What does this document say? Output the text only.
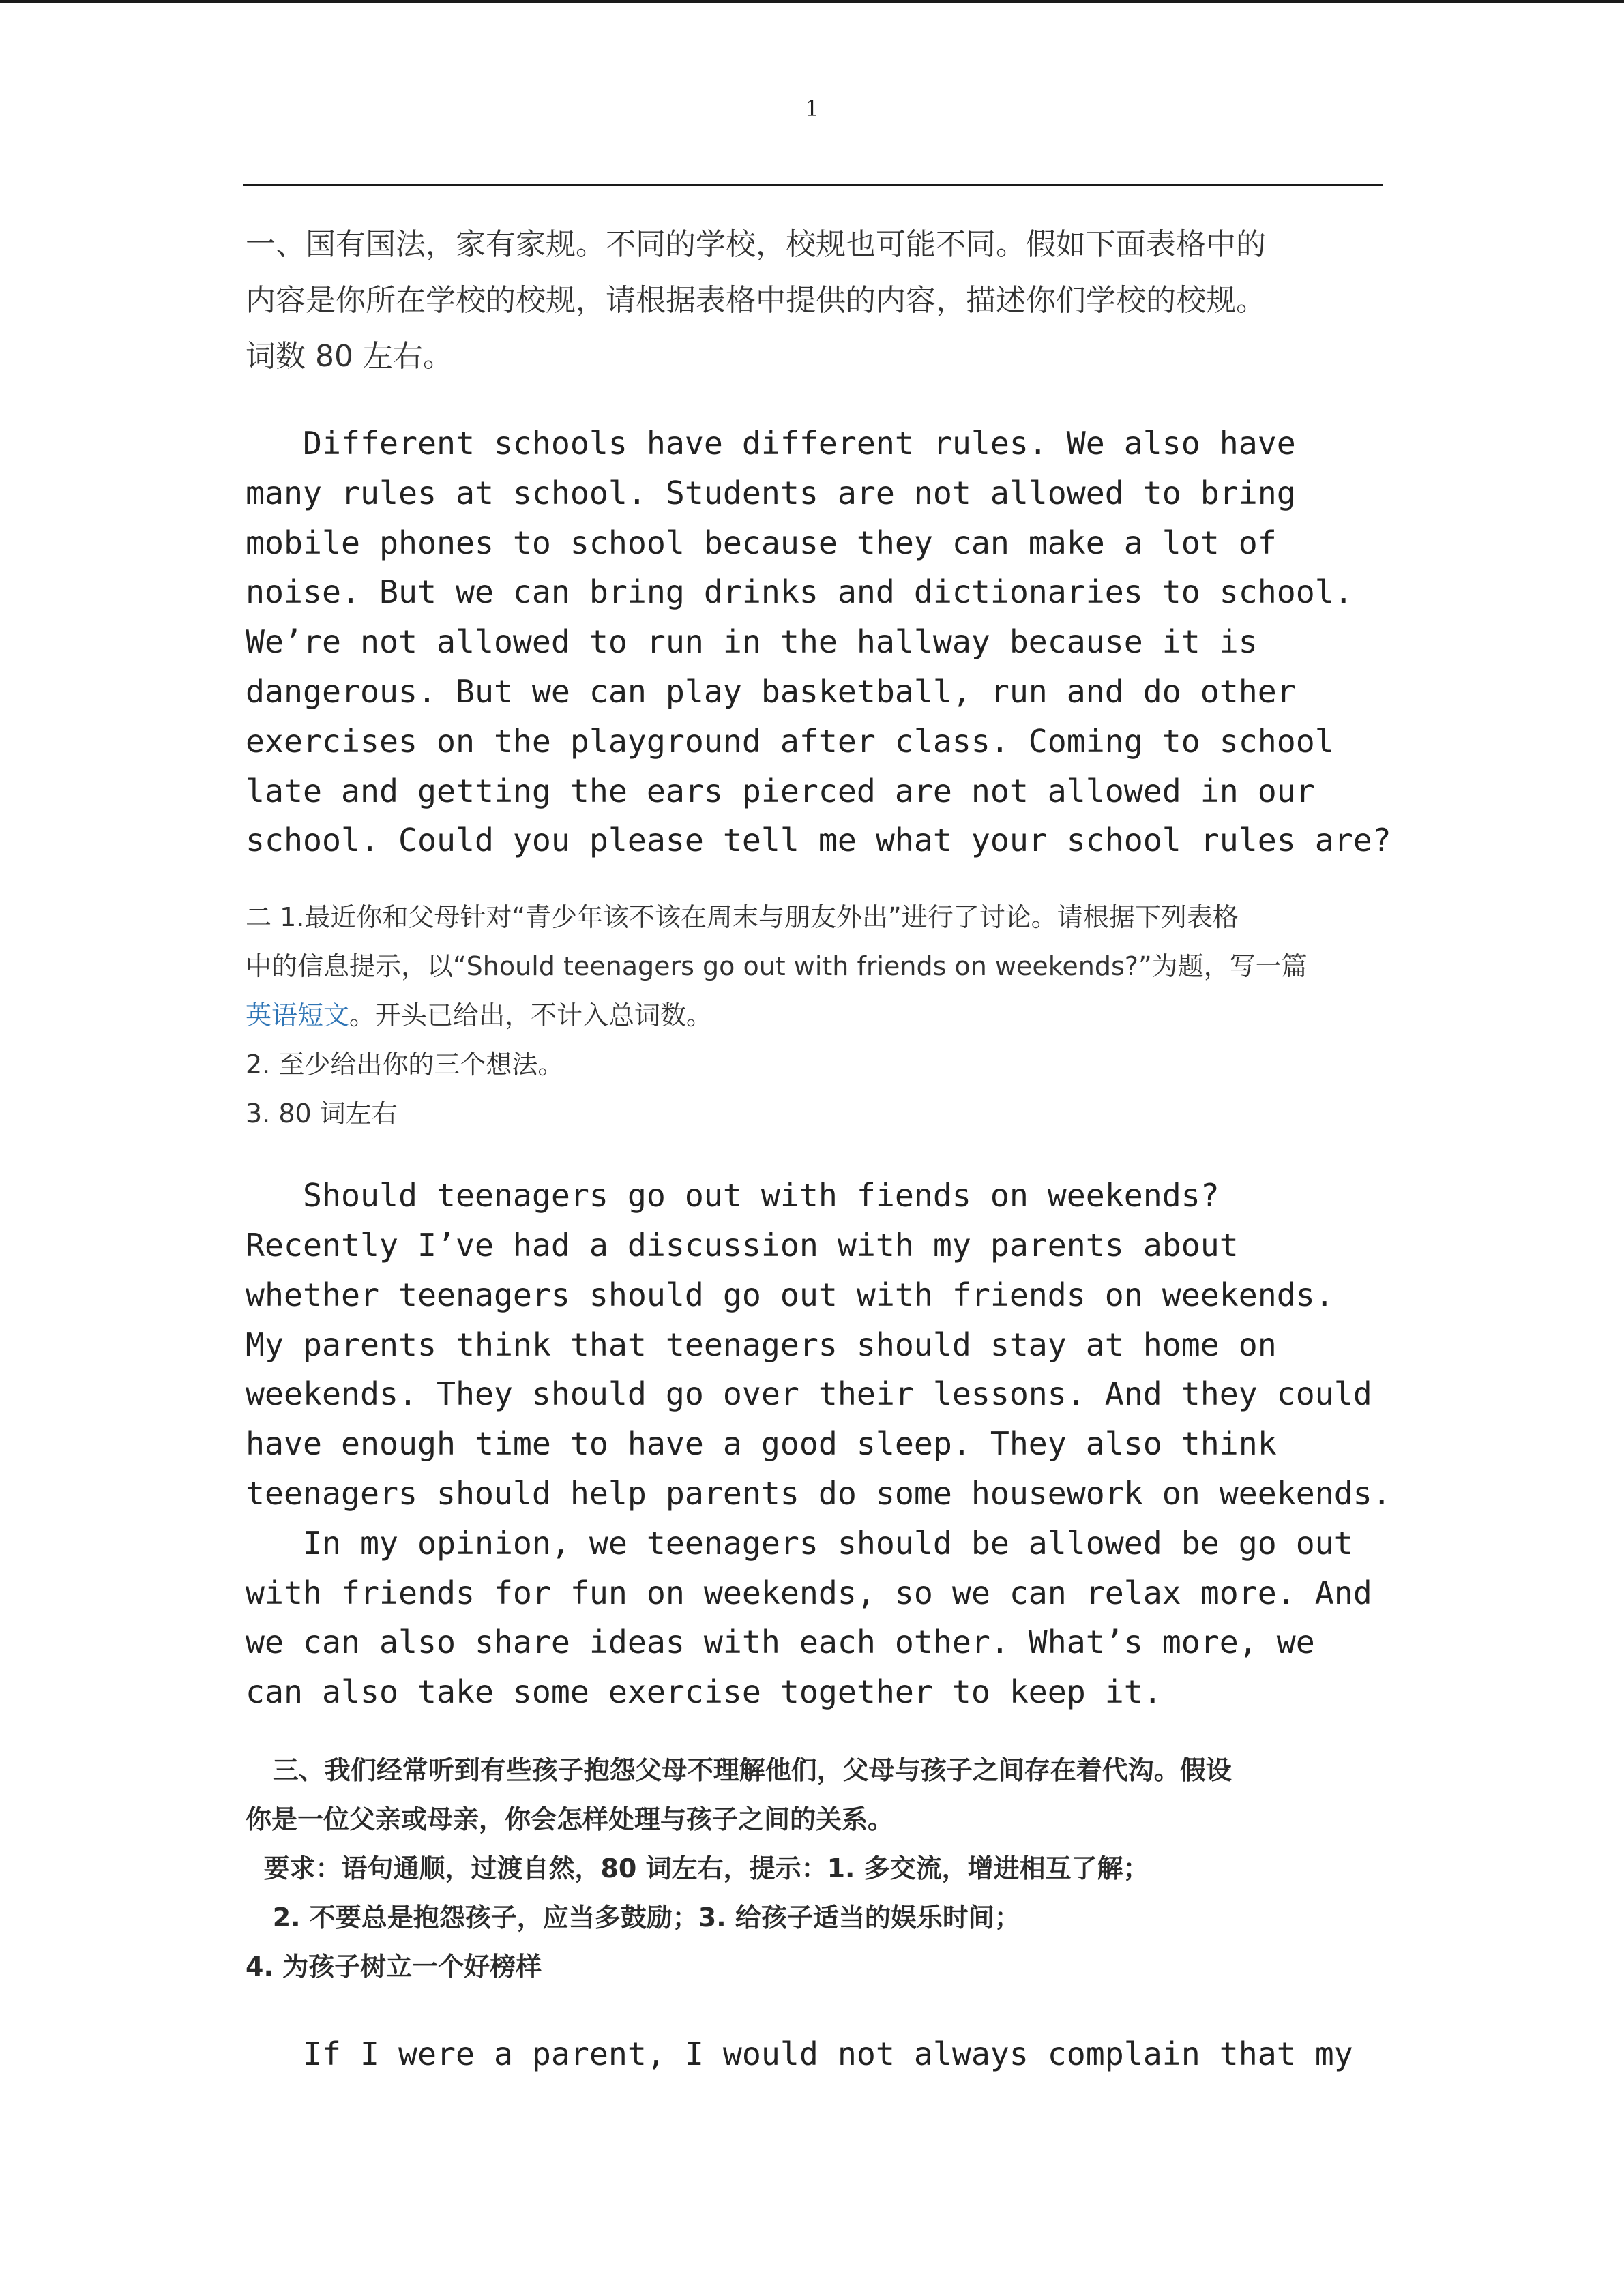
1

一、国有国法，家有家规。不同的学校，校规也可能不同。假如下面表格中的

内容是你所在学校的校规，请根据表格中提供的内容，描述你们学校的校规。

词数 80 左右。

Different schools have different rules. We also have

many rules at school. Students are not allowed to bring

mobile phones to school because they can make a lot of

noise. But we can bring drinks and dictionaries to school.

We’re not allowed to run in the hallway because it is

dangerous. But we can play basketball, run and do other

exercises on the playground after class. Coming to school

late and getting the ears pierced are not allowed in our

school. Could you please tell me what your school rules are?

二 1.最近你和父母针对“青少年该不该在周末与朋友外出”进行了讨论。请根据下列表格

中的信息提示，以“Should teenagers go out with friends on weekends?”为题，写一篇

英语短文。开头已给出，不计入总词数。

2. 至少给出你的三个想法。

3. 80 词左右

Should teenagers go out with fiends on weekends?

Recently I’ve had a discussion with my parents about

whether teenagers should go out with friends on weekends.

My parents think that teenagers should stay at home on

weekends. They should go over their lessons. And they could

have enough time to have a good sleep. They also think

teenagers should help parents do some housework on weekends.

In my opinion, we teenagers should be allowed be go out

with friends for fun on weekends, so we can relax more. And

we can also share ideas with each other. What’s more, we

can also take some exercise together to keep it.

三、我们经常听到有些孩子抱怨父母不理解他们，父母与孩子之间存在着代沟。假设

你是一位父亲或母亲，你会怎样处理与孩子之间的关系。

要求：语句通顺，过渡自然，80 词左右，提示：1. 多交流，增进相互了解；

2. 不要总是抱怨孩子，应当多鼓励；3. 给孩子适当的娱乐时间；

4. 为孩子树立一个好榜样

If I were a parent, I would not always complain that my
